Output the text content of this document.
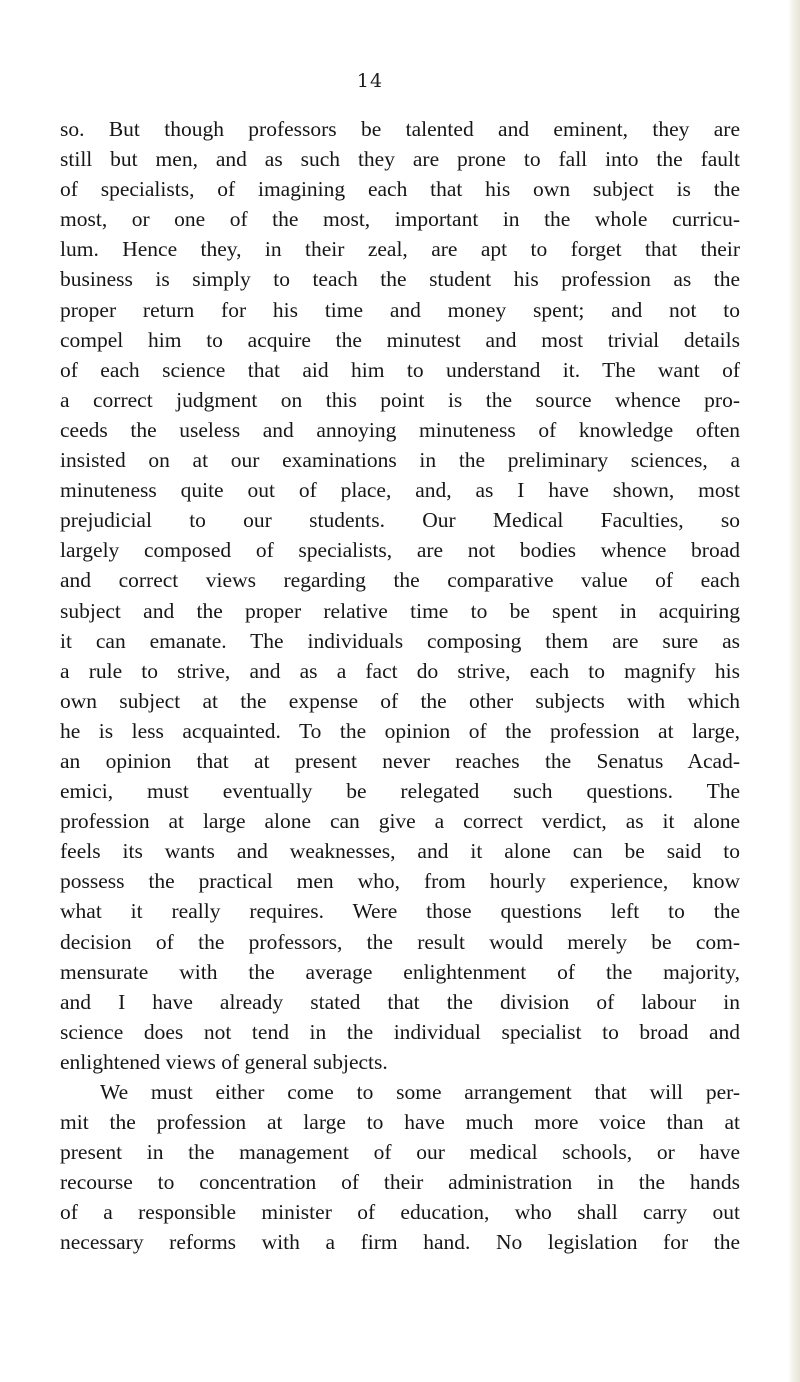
14
so. But though professors be talented and eminent, they are
still but men, and as such they are prone to fall into the fault
of specialists, of imagining each that his own subject is the
most, or one of the most, important in the whole curricu-
lum. Hence they, in their zeal, are apt to forget that their
business is simply to teach the student his profession as the
proper return for his time and money spent; and not to
compel him to acquire the minutest and most trivial details
of each science that aid him to understand it. The want of
a correct judgment on this point is the source whence pro-
ceeds the useless and annoying minuteness of knowledge often
insisted on at our examinations in the preliminary sciences, a
minuteness quite out of place, and, as I have shown, most
prejudicial to our students. Our Medical Faculties, so
largely composed of specialists, are not bodies whence broad
and correct views regarding the comparative value of each
subject and the proper relative time to be spent in acquiring
it can emanate. The individuals composing them are sure as
a rule to strive, and as a fact do strive, each to magnify his
own subject at the expense of the other subjects with which
he is less acquainted. To the opinion of the profession at large,
an opinion that at present never reaches the Senatus Acad-
emici, must eventually be relegated such questions. The
profession at large alone can give a correct verdict, as it alone
feels its wants and weaknesses, and it alone can be said to
possess the practical men who, from hourly experience, know
what it really requires. Were those questions left to the
decision of the professors, the result would merely be com-
mensurate with the average enlightenment of the majority,
and I have already stated that the division of labour in
science does not tend in the individual specialist to broad and
enlightened views of general subjects.
We must either come to some arrangement that will per-
mit the profession at large to have much more voice than at
present in the management of our medical schools, or have
recourse to concentration of their administration in the hands
of a responsible minister of education, who shall carry out
necessary reforms with a firm hand. No legislation for the
